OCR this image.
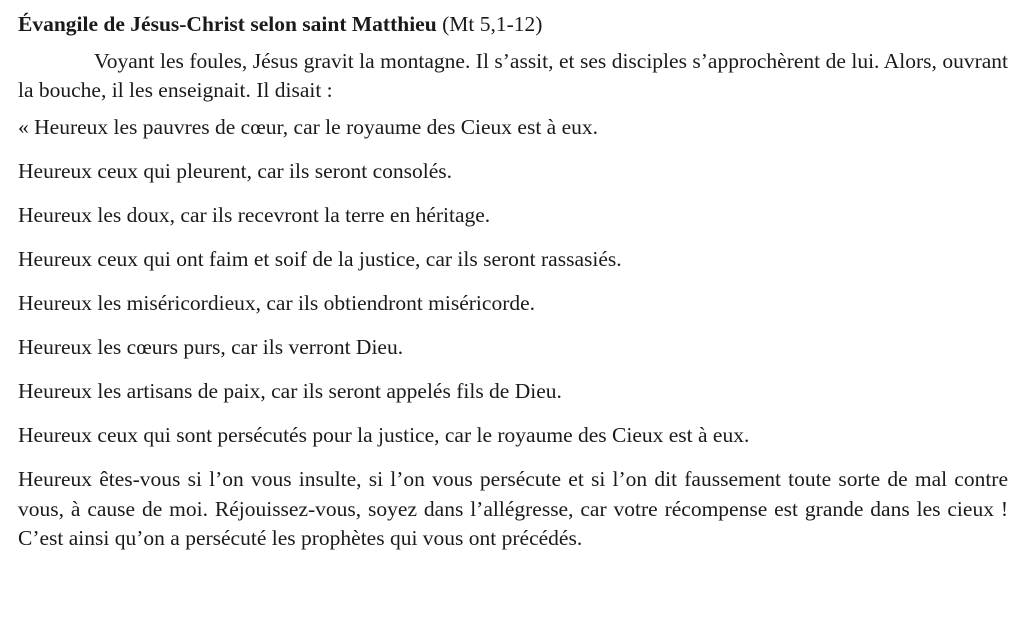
Évangile de Jésus-Christ selon saint Matthieu (Mt 5,1-12)

Voyant les foules, Jésus gravit la montagne. Il s’assit, et ses disciples s’approchèrent de lui. Alors, ouvrant la bouche, il les enseignait. Il disait :

« Heureux les pauvres de cœur, car le royaume des Cieux est à eux.

Heureux ceux qui pleurent, car ils seront consolés.

Heureux les doux, car ils recevront la terre en héritage.

Heureux ceux qui ont faim et soif de la justice, car ils seront rassasiés.

Heureux les miséricordieux, car ils obtiendront miséricorde.

Heureux les cœurs purs, car ils verront Dieu.

Heureux les artisans de paix, car ils seront appelés fils de Dieu.

Heureux ceux qui sont persécutés pour la justice, car le royaume des Cieux est à eux.

Heureux êtes-vous si l’on vous insulte, si l’on vous persécute et si l’on dit faussement toute sorte de mal contre vous, à cause de moi. Réjouissez-vous, soyez dans l’allégresse, car votre récompense est grande dans les cieux ! C’est ainsi qu’on a persécuté les prophètes qui vous ont précédés.
